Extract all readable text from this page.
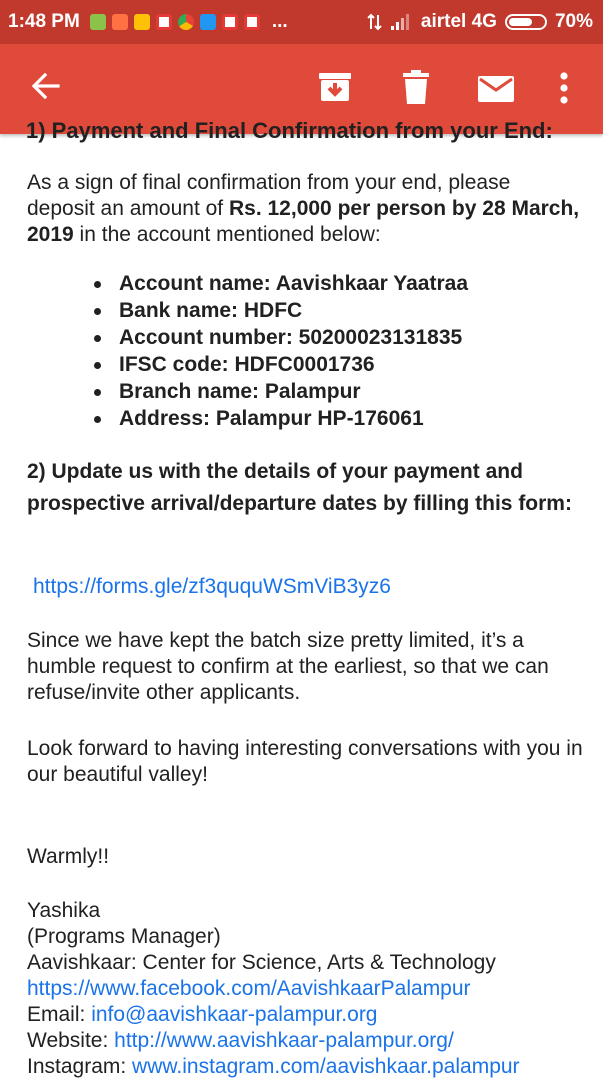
1:48 PM	...	airtel 4G	70%
1) Payment and Final Confirmation from your End:

As a sign of final confirmation from your end, please deposit an amount of Rs. 12,000 per person by 28 March, 2019 in the account mentioned below:

Account name: Aavishkaar Yaatraa
Bank name: HDFC
Account number: 50200023131835
IFSC code: HDFC0001736
Branch name: Palampur
Address: Palampur HP-176061

2) Update us with the details of your payment and prospective arrival/departure dates by filling this form:

https://forms.gle/zf3ququWSmViB3yz6

Since we have kept the batch size pretty limited, it’s a humble request to confirm at the earliest, so that we can refuse/invite other applicants.

Look forward to having interesting conversations with you in our beautiful valley!

Warmly!!

Yashika

(Programs Manager)

Aavishkaar: Center for Science, Arts & Technology

https://www.facebook.com/AavishkaarPalampur

Email: info@aavishkaar-palampur.org

Website: http://www.aavishkaar-palampur.org/

Instagram: www.instagram.com/aavishkaar.palampur
